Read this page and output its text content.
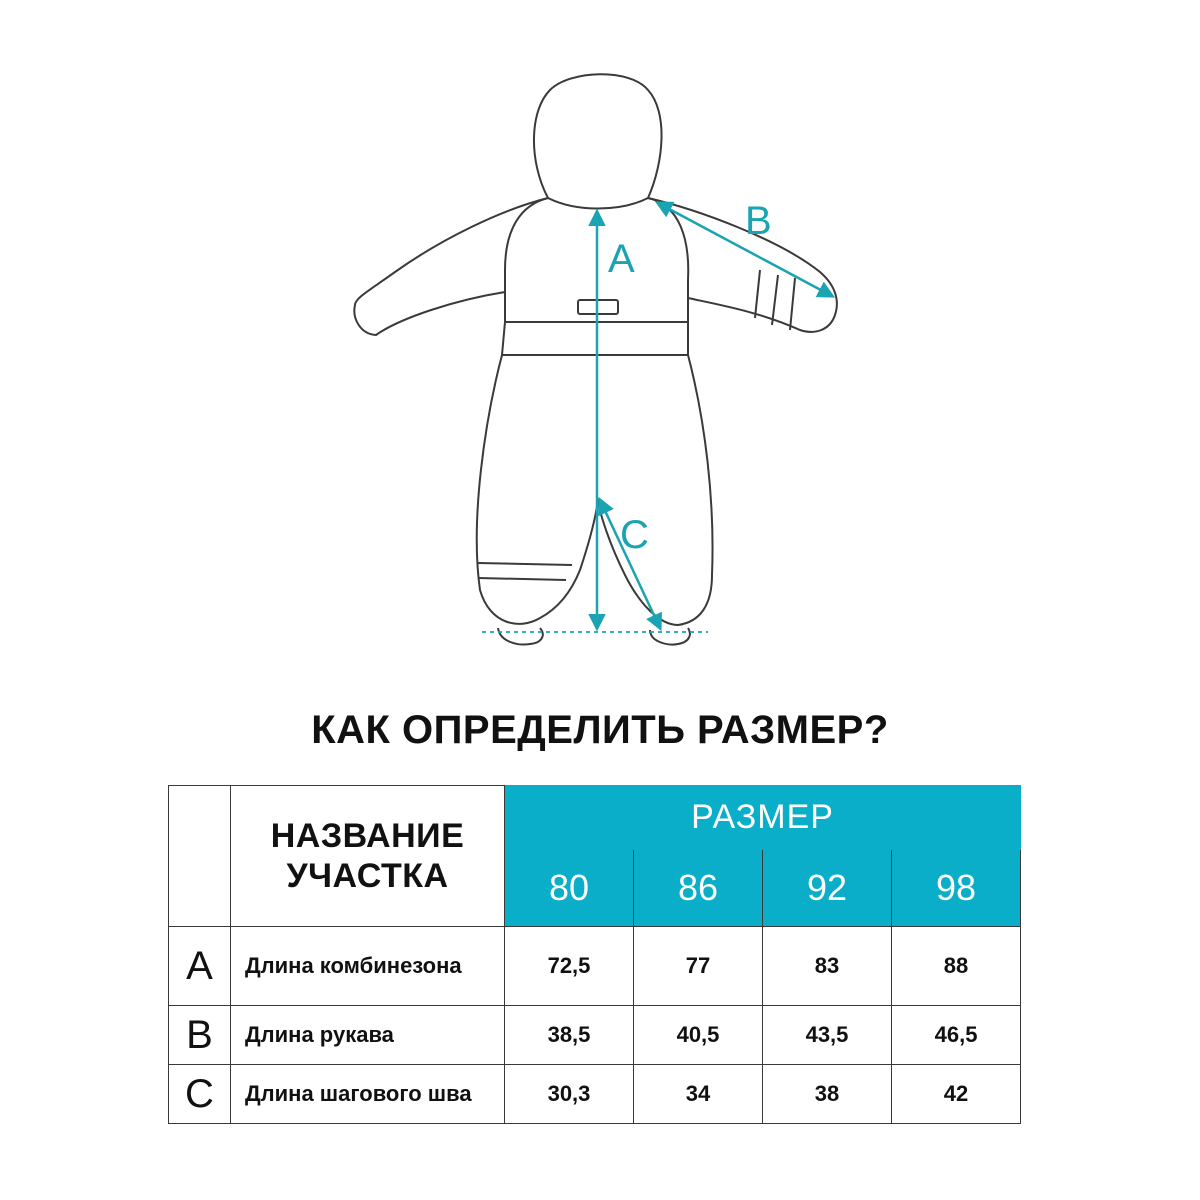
A
B
C
КАК ОПРЕДЕЛИТЬ РАЗМЕР?

	НАЗВАНИЕ
УЧАСТКА	РАЗМЕР			
		80	86	92	98
A	Длина комбинезона	72,5	77	83	88
B	Длина рукава	38,5	40,5	43,5	46,5
C	Длина шагового шва	30,3	34	38	42
